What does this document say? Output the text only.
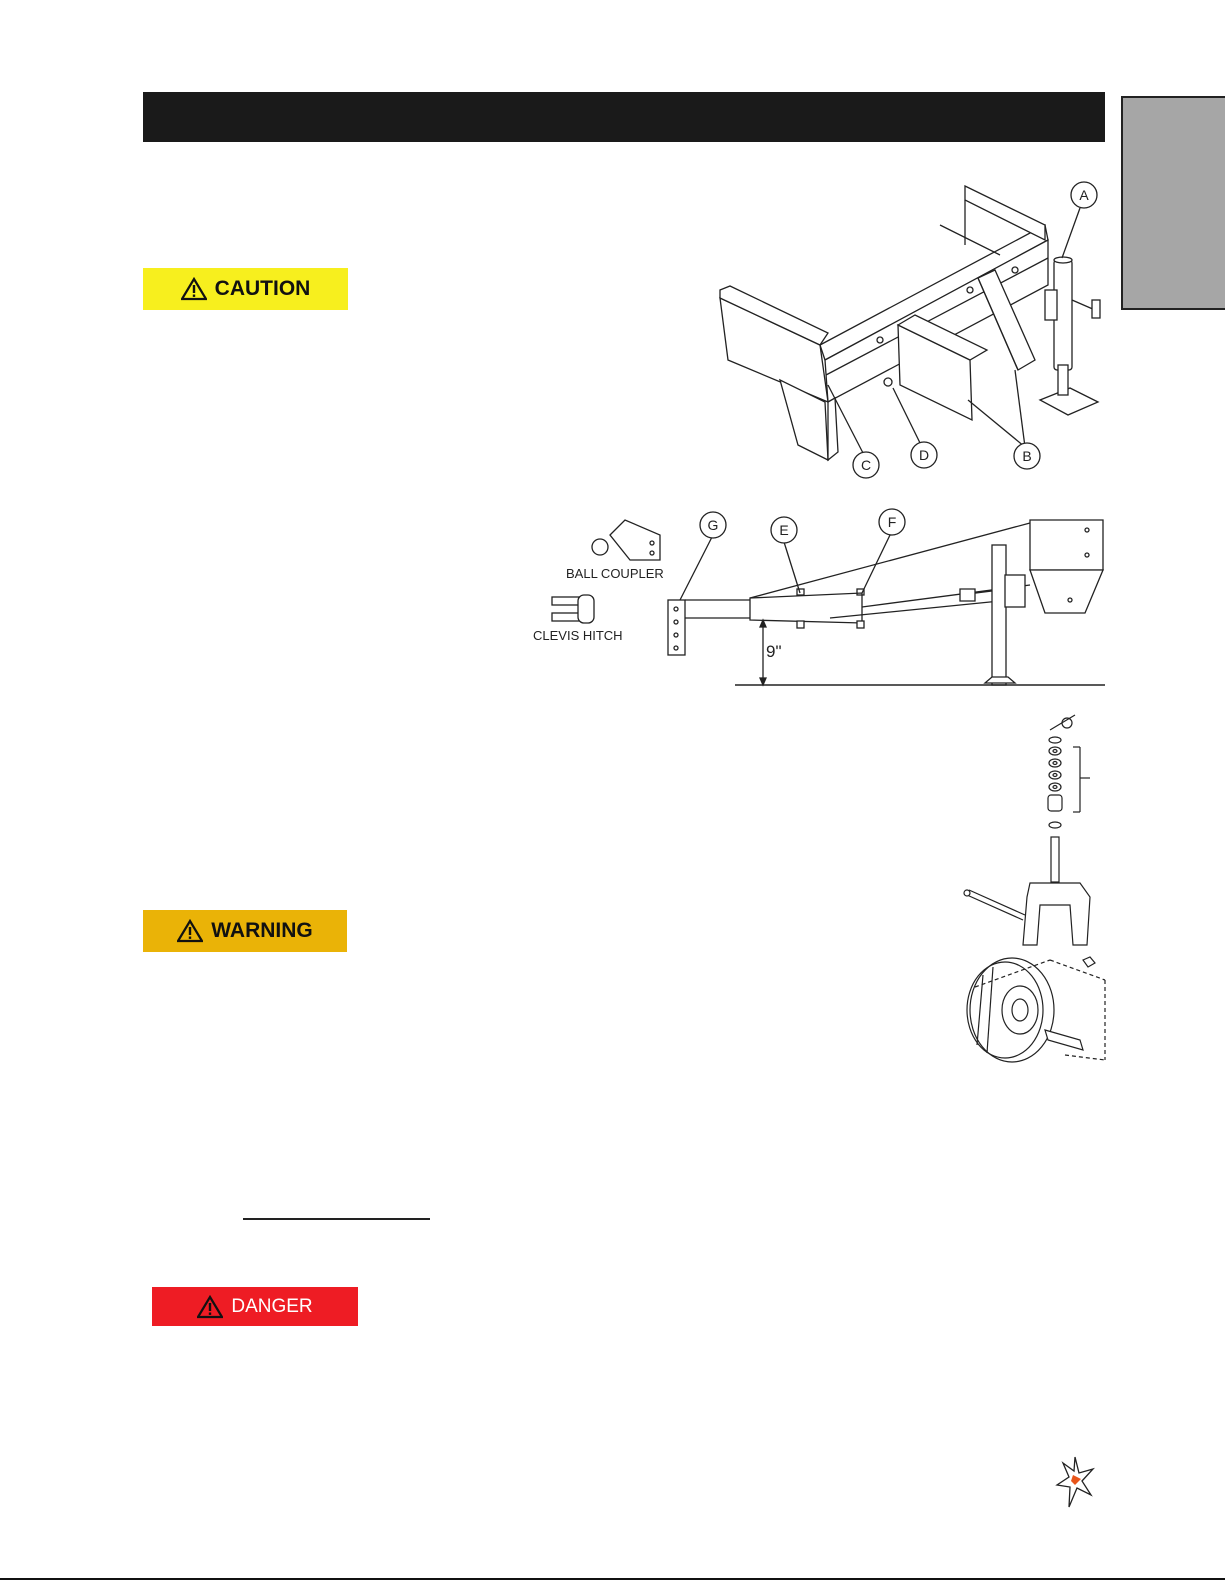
CAUTION
WARNING
DANGER
A
C
D	B
BALL COUPLER
CLEVIS HITCH
9"
G	E	F
